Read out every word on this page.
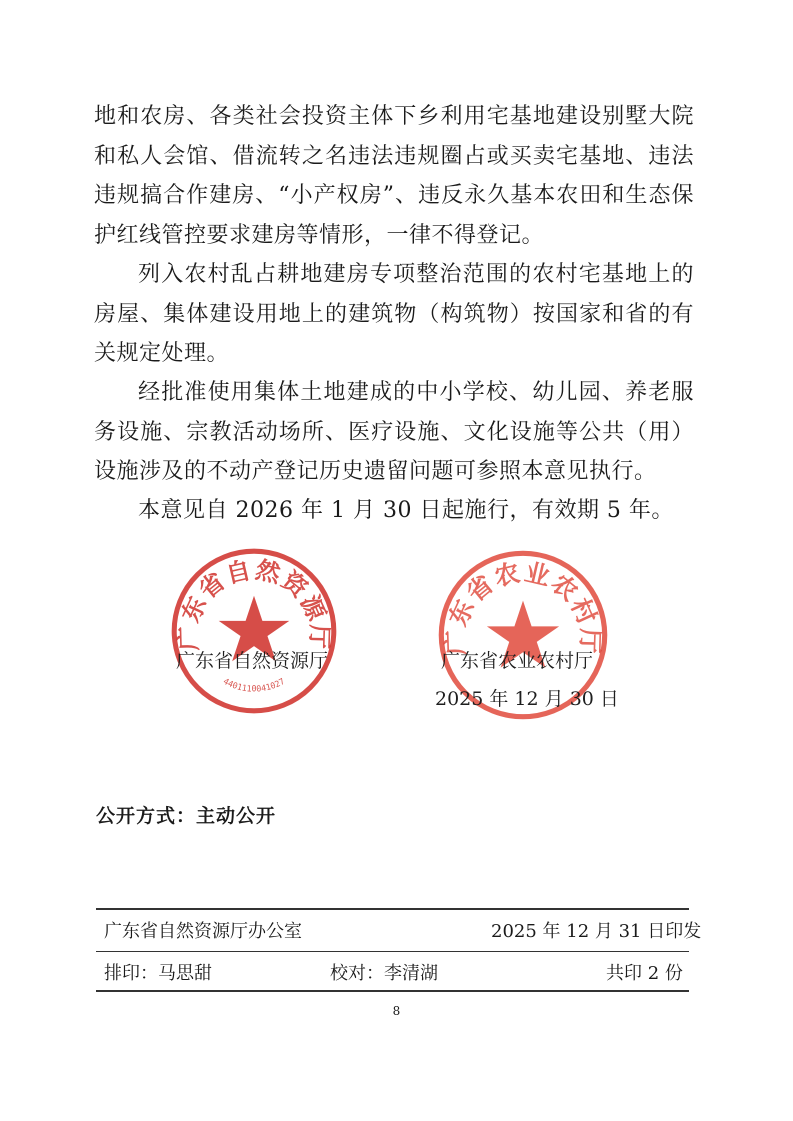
地和农房、各类社会投资主体下乡利用宅基地建设别墅大院和私人会馆、借流转之名违法违规圈占或买卖宅基地、违法违规搞合作建房、“小产权房”、违反永久基本农田和生态保护红线管控要求建房等情形，一律不得登记。

列入农村乱占耕地建房专项整治范围的农村宅基地上的房屋、集体建设用地上的建筑物（构筑物）按国家和省的有关规定处理。

经批准使用集体土地建成的中小学校、幼儿园、养老服务设施、宗教活动场所、医疗设施、文化设施等公共（用）设施涉及的不动产登记历史遗留问题可参照本意见执行。

本意见自 2026 年 1 月 30 日起施行，有效期 5 年。

广东省自然资源厅
4401110041027
广东省农业农村厅
广东省自然资源厅	广东省农业农村厅
2025 年 12 月 30 日
公开方式：主动公开
广东省自然资源厅办公室	2025 年 12 月 31 日印发
排印：马思甜	校对：李清湖	共印 2 份
8
